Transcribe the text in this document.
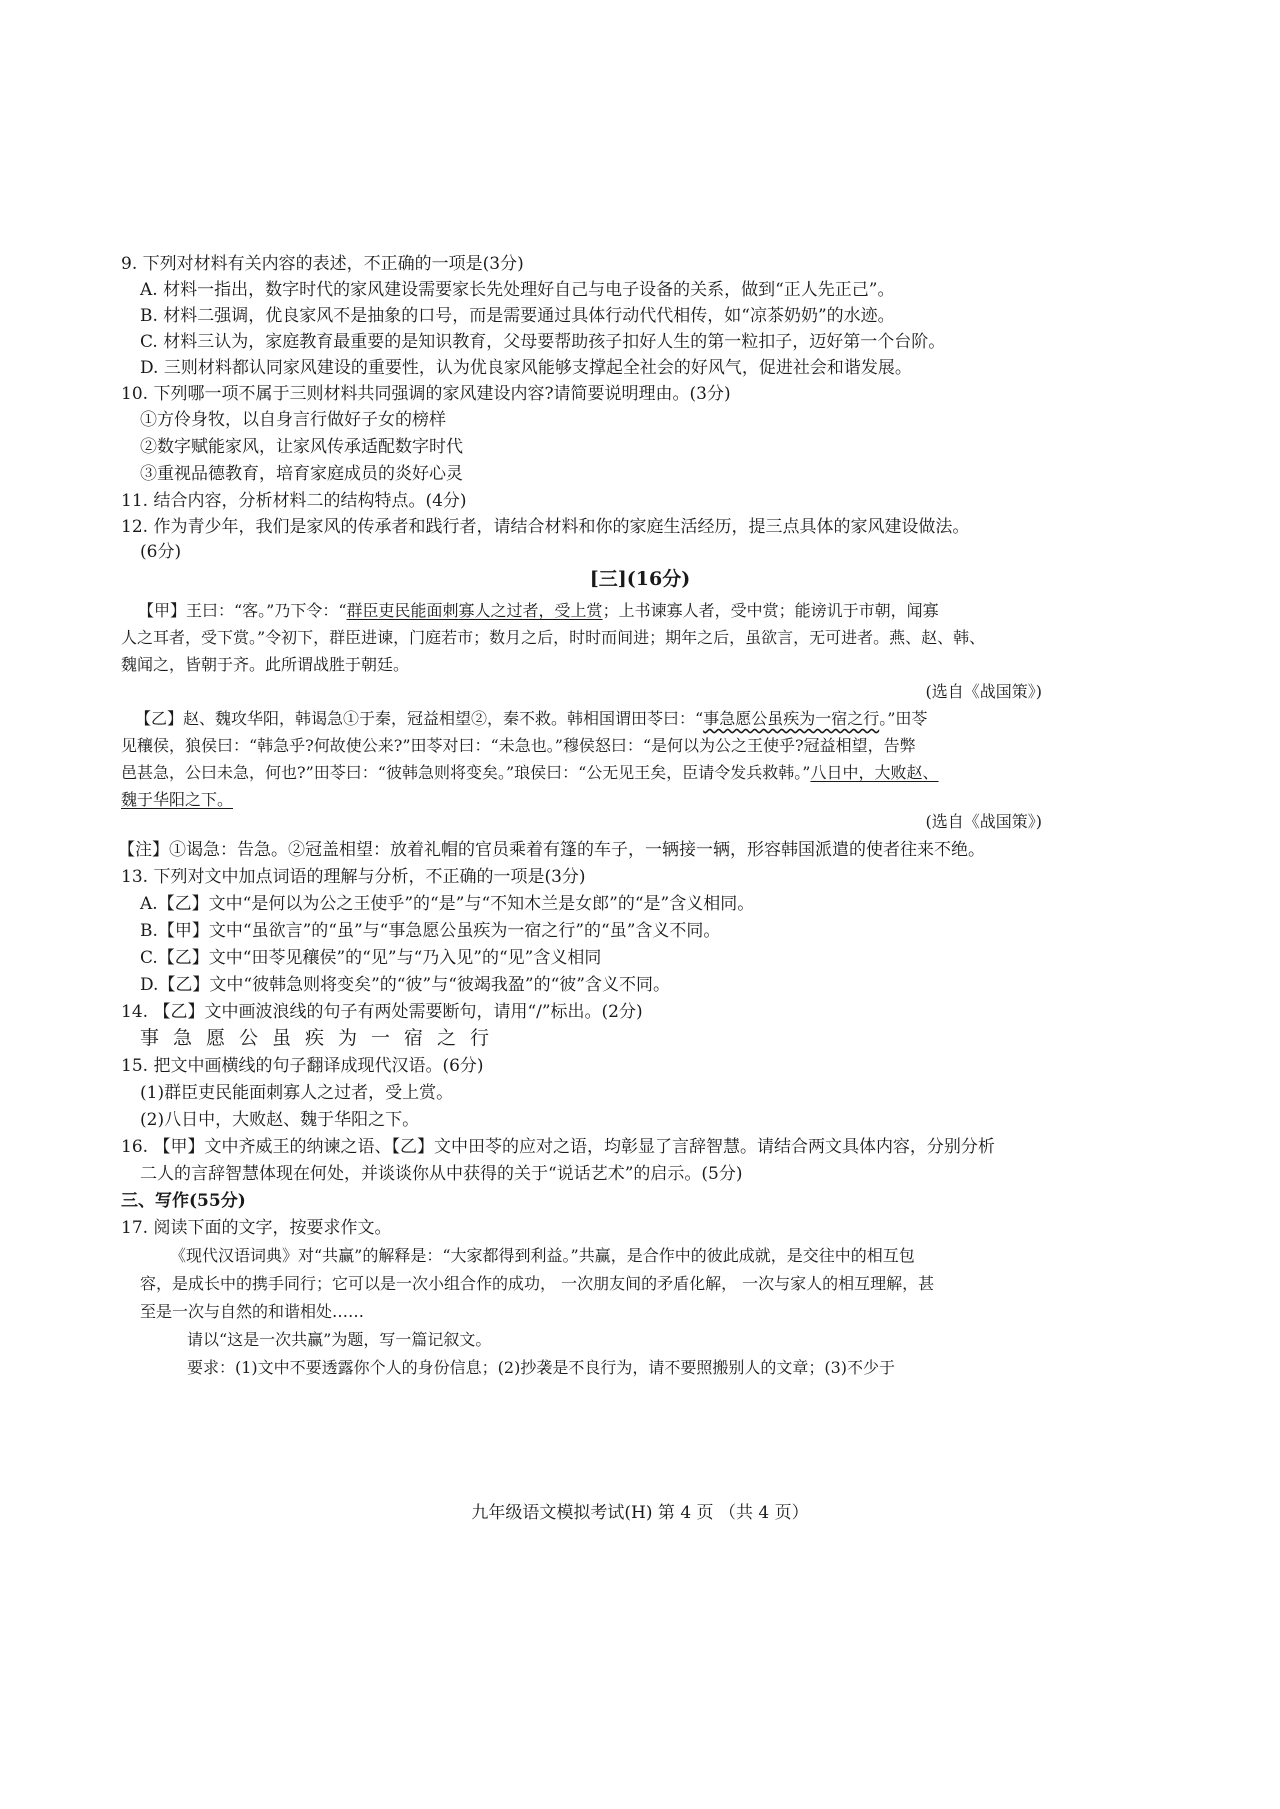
9. 下列对材料有关内容的表述，不正确的一项是(3分)
A. 材料一指出，数字时代的家风建设需要家长先处理好自己与电子设备的关系，做到“正人先正己”。
B. 材料二强调，优良家风不是抽象的口号，而是需要通过具体行动代代相传，如“凉茶奶奶”的水迹。
C. 材料三认为，家庭教育最重要的是知识教育，父母要帮助孩子扣好人生的第一粒扣子，迈好第一个台阶。
D. 三则材料都认同家风建设的重要性，认为优良家风能够支撑起全社会的好风气，促进社会和谐发展。
10. 下列哪一项不属于三则材料共同强调的家风建设内容?请简要说明理由。(3分)
①方伶身牧，以自身言行做好子女的榜样
②数字赋能家风，让家风传承适配数字时代
③重视品德教育，培育家庭成员的炎好心灵
11. 结合内容，分析材料二的结构特点。(4分)
12. 作为青少年，我们是家风的传承者和践行者，请结合材料和你的家庭生活经历，提三点具体的家风建设做法。
(6分)
[三](16分)
【甲】王曰：“客。”乃下令：“群臣吏民能面刺寡人之过者，受上赏；上书谏寡人者，受中赏；能谤讥于市朝，闻寡
人之耳者，受下赏。”令初下，群臣进谏，门庭若市；数月之后，时时而间进；期年之后，虽欲言，无可进者。燕、赵、韩、
魏闻之，皆朝于齐。此所谓战胜于朝廷。
(选自《战国策》)
【乙】赵、魏攻华阳，韩谒急①于秦，冠益相望②，秦不救。韩相国谓田苓曰：“事急愿公虽疾为一宿之行。”田苓
见穰侯，狼侯曰：“韩急乎?何故使公来?”田苓对曰：“未急也。”穆侯怒曰：“是何以为公之王使乎?冠益相望，告弊
邑甚急，公曰未急，何也?”田苓曰：“彼韩急则将变矣。”琅侯曰：“公无见王矣，臣请令发兵救韩。”八日中，大败赵、
魏于华阳之下。
(选自《战国策》)
【注】①谒急：告急。②冠盖相望：放着礼帽的官员乘着有篷的车子，一辆接一辆，形容韩国派遣的使者往来不绝。
13. 下列对文中加点词语的理解与分析，不正确的一项是(3分)
A.【乙】文中“是何以为公之王使乎”的“是”与“不知木兰是女郎”的“是”含义相同。
B.【甲】文中“虽欲言”的“虽”与“事急愿公虽疾为一宿之行”的“虽”含义不同。
C.【乙】文中“田苓见穰侯”的“见”与“乃入见”的“见”含义相同
D.【乙】文中“彼韩急则将变矣”的“彼”与“彼竭我盈”的“彼”含义不同。
14. 【乙】文中画波浪线的句子有两处需要断句，请用“/”标出。(2分)
事急愿公虽疾为一宿之行
15. 把文中画横线的句子翻译成现代汉语。(6分)
(1)群臣吏民能面刺寡人之过者，受上赏。
(2)八日中，大败赵、魏于华阳之下。
16. 【甲】文中齐威王的纳谏之语、【乙】文中田苓的应对之语，均彰显了言辞智慧。请结合两文具体内容，分别分析
二人的言辞智慧体现在何处，并谈谈你从中获得的关于“说话艺术”的启示。(5分)
三、写作(55分)
17. 阅读下面的文字，按要求作文。
《现代汉语词典》对“共赢”的解释是：“大家都得到利益。”共赢，是合作中的彼此成就，是交往中的相互包
容，是成长中的携手同行；它可以是一次小组合作的成功， 一次朋友间的矛盾化解， 一次与家人的相互理解，甚
至是一次与自然的和谐相处……
请以“这是一次共赢”为题，写一篇记叙文。
要求：(1)文中不要透露你个人的身份信息；(2)抄袭是不良行为，请不要照搬别人的文章；(3)不少于
九年级语文模拟考试(H) 第 4 页 （共 4 页）
